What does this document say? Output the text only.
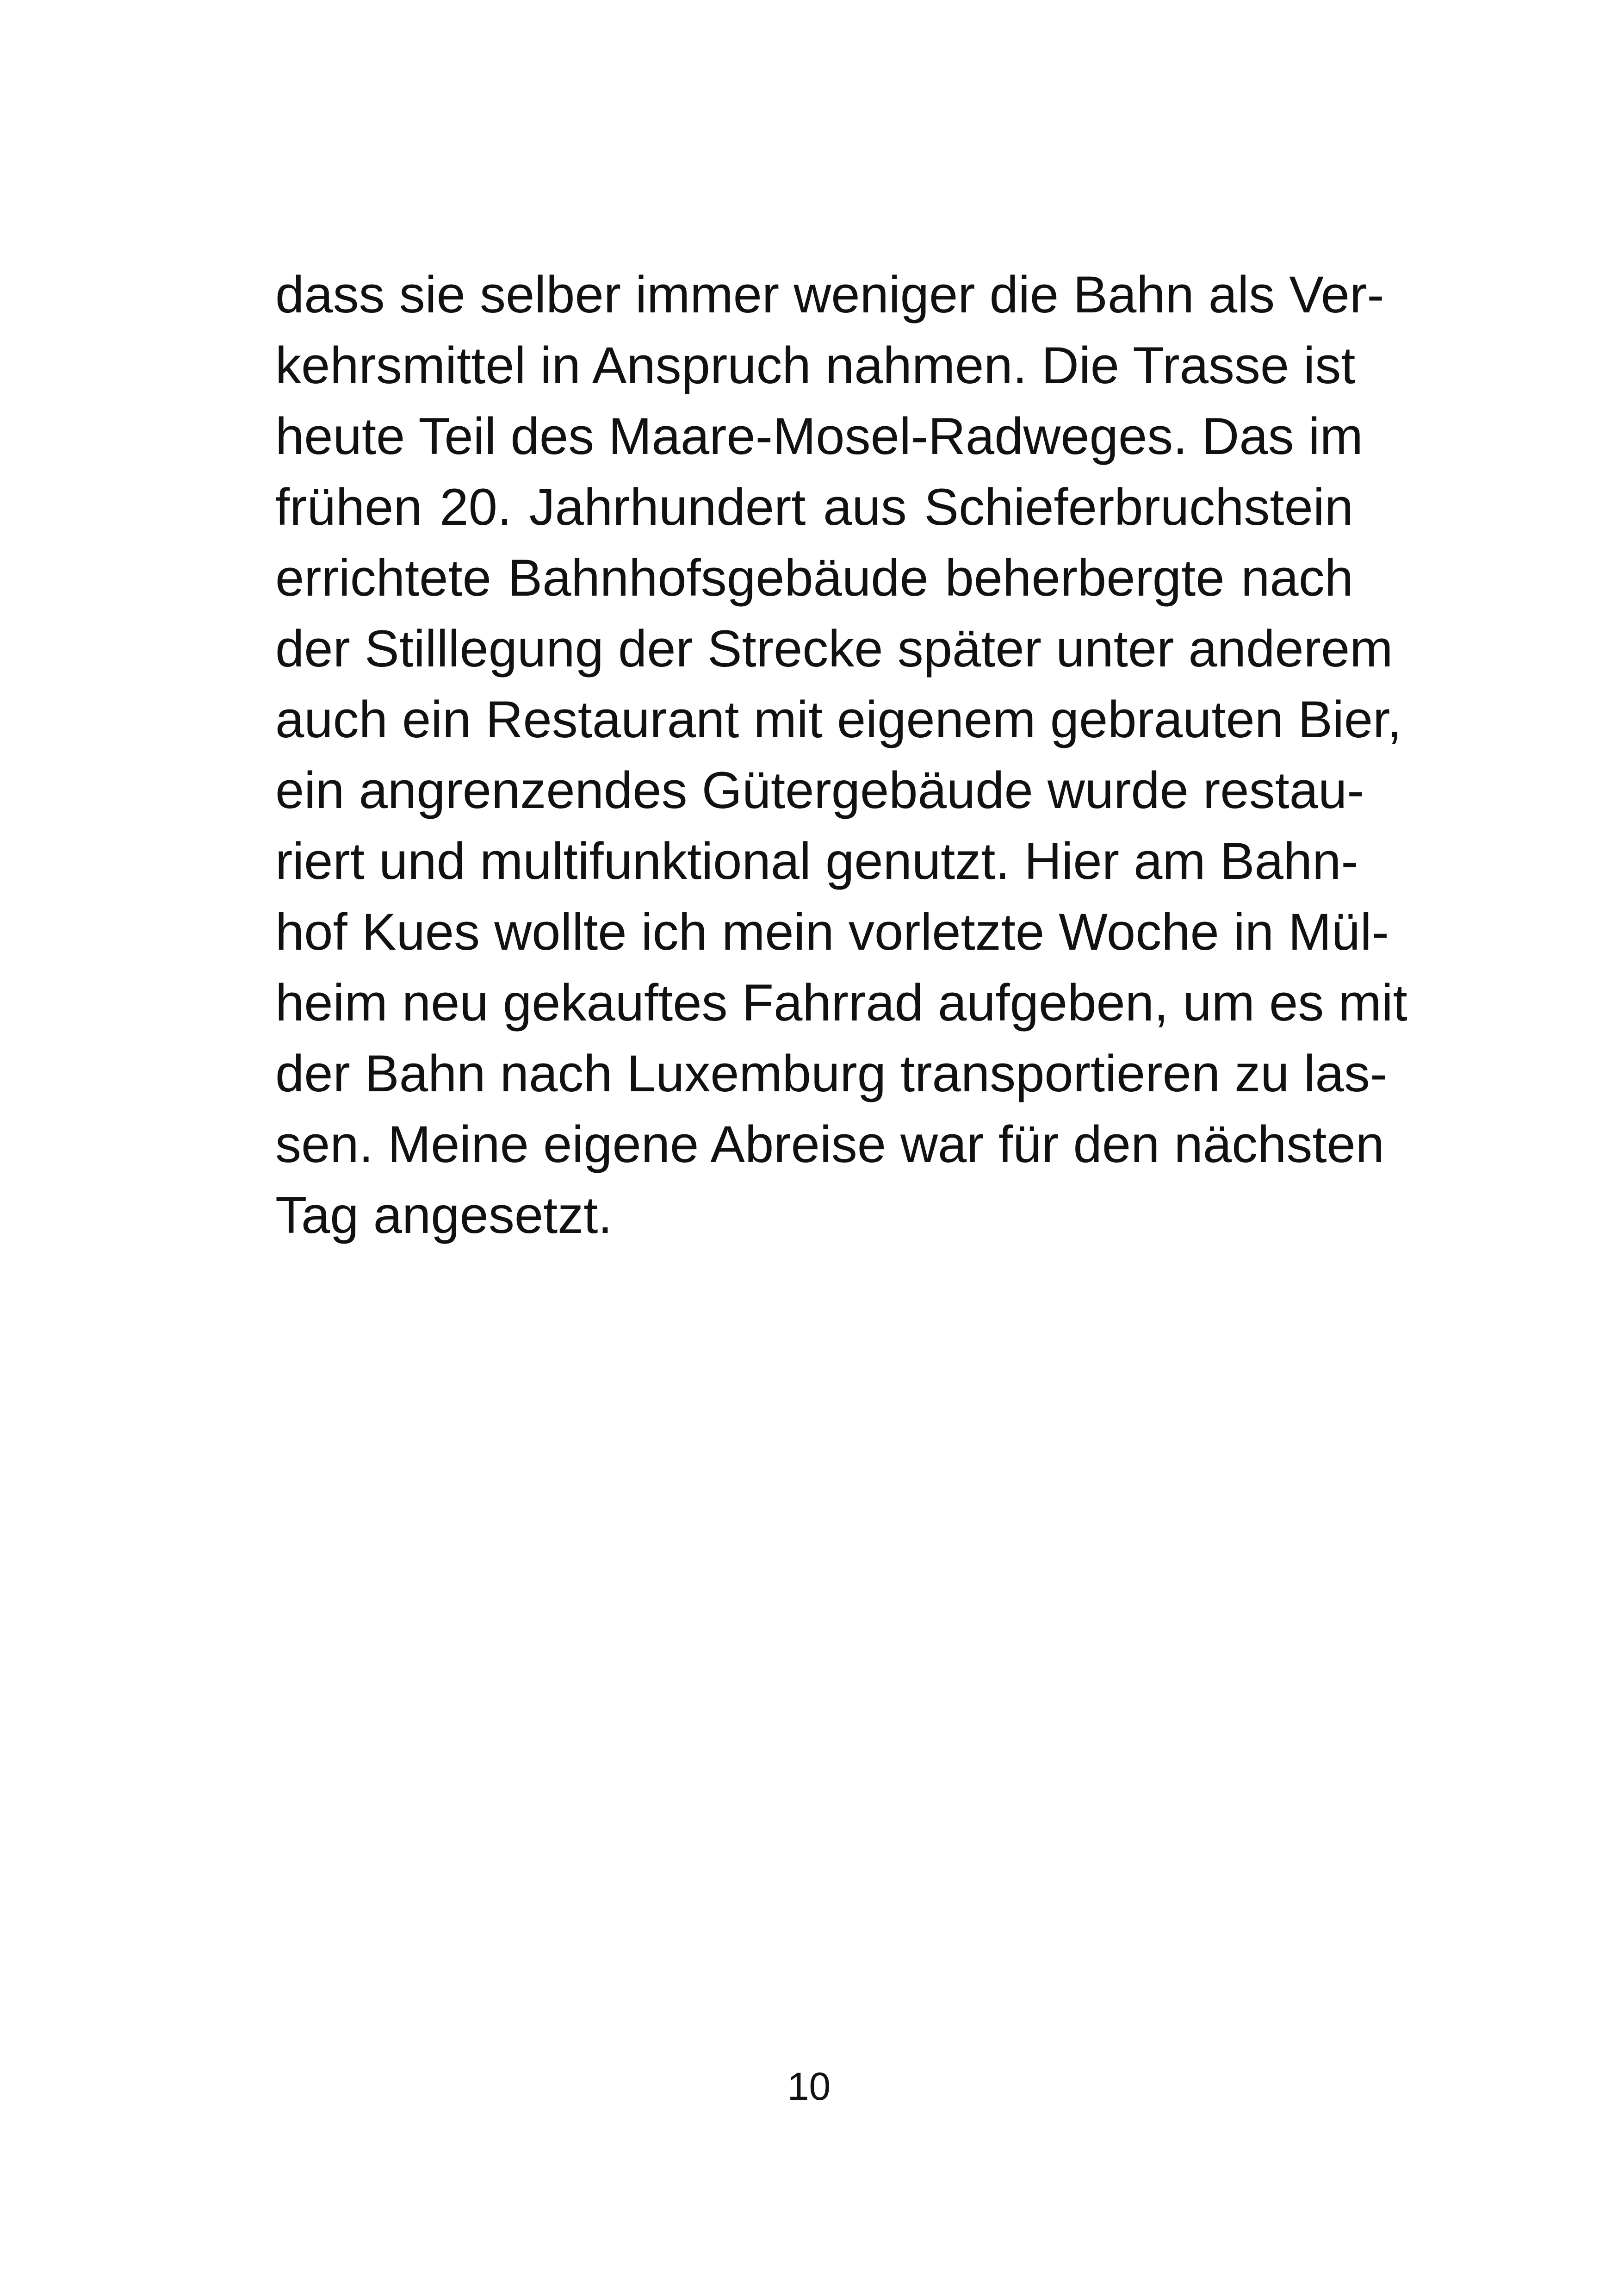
dass sie selber immer weniger die Bahn als Ver-
kehrsmittel in Anspruch nahmen. Die Trasse ist
heute Teil des Maare-Mosel-Radweges. Das im
frühen 20. Jahrhundert aus Schieferbruchstein
errichtete Bahnhofsgebäude beherbergte nach
der Stilllegung der Strecke später unter anderem
auch ein Restaurant mit eigenem gebrauten Bier,
ein angrenzendes Gütergebäude wurde restau-
riert und multifunktional genutzt. Hier am Bahn-
hof Kues wollte ich mein vorletzte Woche in Mül-
heim neu gekauftes Fahrrad aufgeben, um es mit
der Bahn nach Luxemburg transportieren zu las-
sen. Meine eigene Abreise war für den nächsten
Tag angesetzt.
10
